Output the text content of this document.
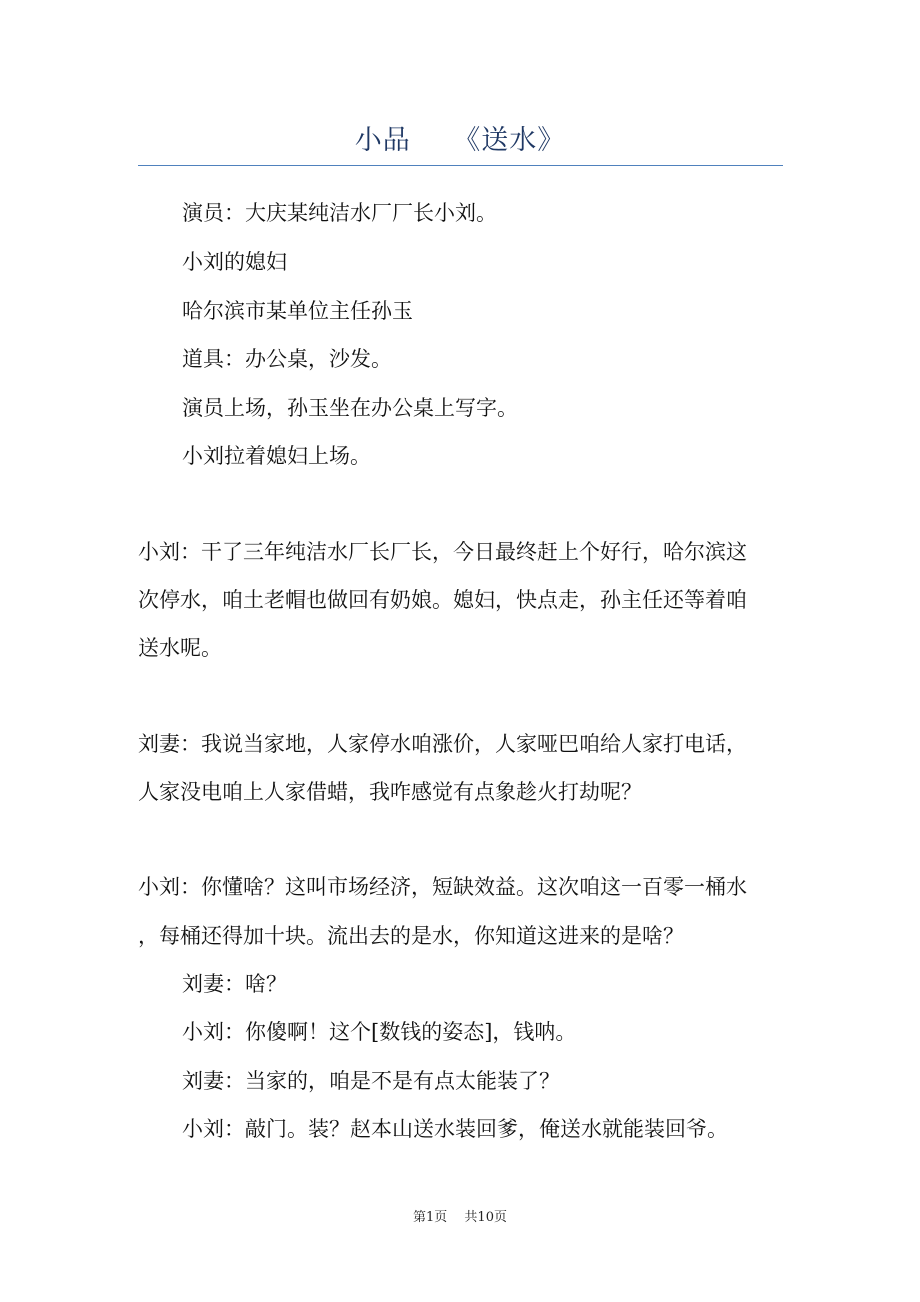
小品　　《送水》
演员：大庆某纯洁水厂厂长小刘。
小刘的媳妇
哈尔滨市某单位主任孙玉
道具：办公桌，沙发。
演员上场，孙玉坐在办公桌上写字。
小刘拉着媳妇上场。
小刘：干了三年纯洁水厂长厂长，今日最终赶上个好行，哈尔滨这
次停水，咱土老帽也做回有奶娘。媳妇，快点走，孙主任还等着咱
送水呢。
刘妻：我说当家地，人家停水咱涨价，人家哑巴咱给人家打电话，
人家没电咱上人家借蜡，我咋感觉有点象趁火打劫呢？
小刘：你懂啥？这叫市场经济，短缺效益。这次咱这一百零一桶水
，每桶还得加十块。流出去的是水，你知道这进来的是啥？
刘妻：啥？
小刘：你傻啊！这个[数钱的姿态]，钱呐。
刘妻：当家的，咱是不是有点太能装了？
小刘：敲门。装？赵本山送水装回爹，俺送水就能装回爷。
第1页　 共10页
